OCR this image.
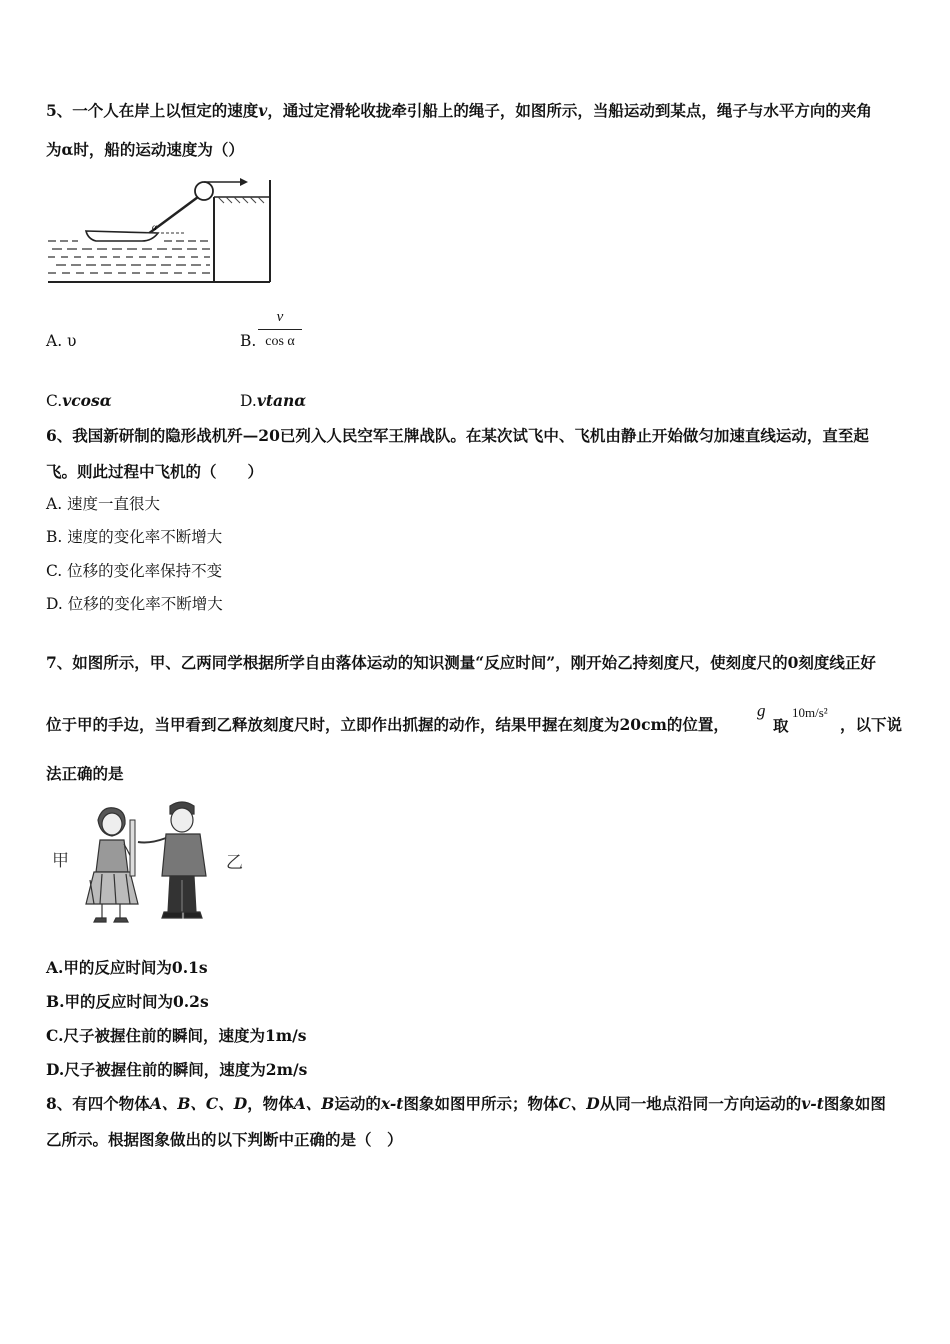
5、一个人在岸上以恒定的速度v，通过定滑轮收拢牵引船上的绳子，如图所示，当船运动到某点，绳子与水平方向的夹角
为α时，船的运动速度为（）
α
A. υ	B.
v
cos α
C.vcosα	D.vtanα
6、我国新研制的隐形战机歼—20已列入人民空军王牌战队。在某次试飞中、飞机由静止开始做匀加速直线运动，直至起
飞。则此过程中飞机的（　　）
A. 速度一直很大
B. 速度的变化率不断增大
C. 位移的变化率保持不变
D. 位移的变化率不断增大
7、如图所示，甲、乙两同学根据所学自由落体运动的知识测量“反应时间”，刚开始乙持刻度尺，使刻度尺的0刻度线正好
位于甲的手边，当甲看到乙释放刻度尺时，立即作出抓握的动作，结果甲握在刻度为20cm的位置，
g
取
10m/s²
，以下说
法正确的是
甲	乙
A.甲的反应时间为0.1s
B.甲的反应时间为0.2s
C.尺子被握住前的瞬间，速度为1m/s
D.尺子被握住前的瞬间，速度为2m/s
8、有四个物体A、B、C、D，物体A、B运动的x-t图象如图甲所示；物体C、D从同一地点沿同一方向运动的v-t图象如图
乙所示。根据图象做出的以下判断中正确的是（　）
